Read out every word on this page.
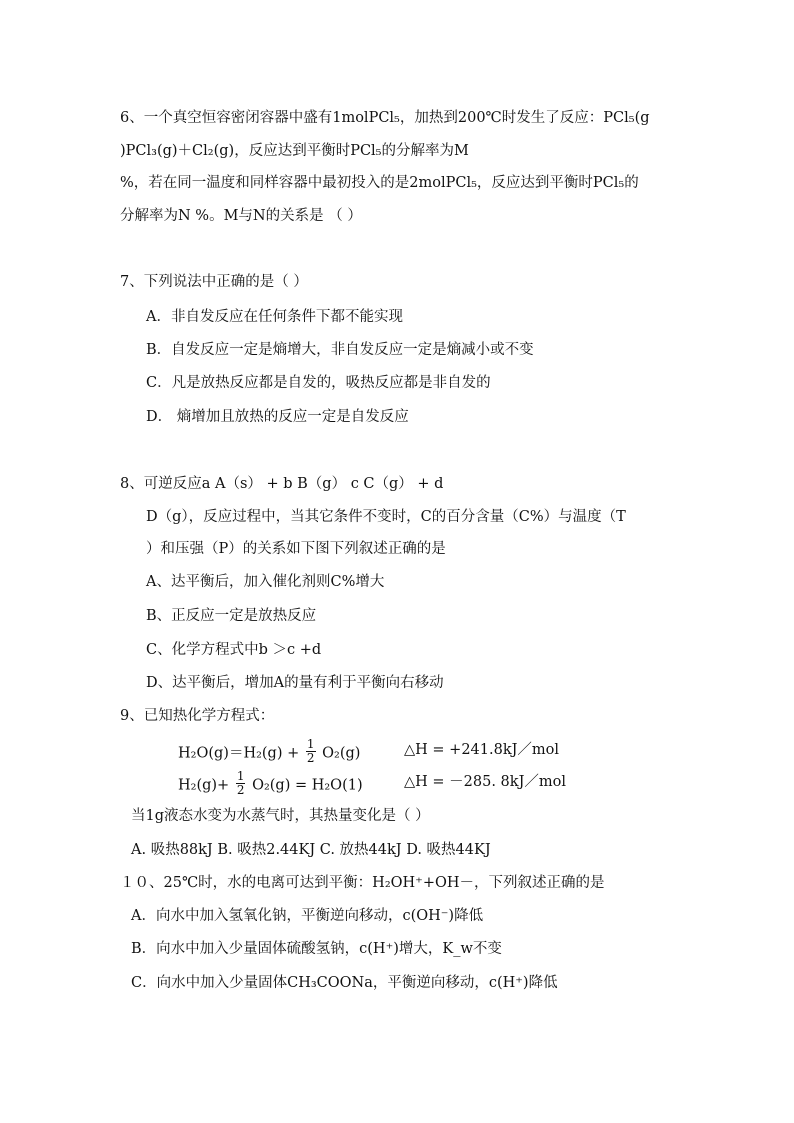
6、一个真空恒容密闭容器中盛有1molPCl₅，加热到200℃时发生了反应：PCl₅(g
)PCl₃(g)＋Cl₂(g)，反应达到平衡时PCl₅的分解率为M
%，若在同一温度和同样容器中最初投入的是2molPCl₅，反应达到平衡时PCl₅的
分解率为N %。M与N的关系是 （ ）
7、下列说法中正确的是（ ）
A．非自发反应在任何条件下都不能实现
B．自发反应一定是熵增大，非自发反应一定是熵减小或不变
C．凡是放热反应都是自发的，吸热反应都是非自发的
D． 熵增加且放热的反应一定是自发反应
8、可逆反应a A（s） + b B（g） c C（g） + d
D（g），反应过程中，当其它条件不变时，C的百分含量（C%）与温度（T
）和压强（P）的关系如下图下列叙述正确的是
A、达平衡后，加入催化剂则C%增大
B、正反应一定是放热反应
C、化学方程式中b ＞c +d
D、达平衡后，增加A的量有利于平衡向右移动
9、已知热化学方程式：
$H_2O(g)=H_2(g) + \frac{1}{2} O_2(g)$	△H = +241.8kJ／mol
$H_2(g)+ \frac{1}{2} O_2(g) = H_2O(1)$	△H = －285. 8kJ／mol
当1g液态水变为水蒸气时，其热量变化是（ ）
A. 吸热88kJ B. 吸热2.44KJ C. 放热44kJ D. 吸热44KJ
１０、25℃时，水的电离可达到平衡：H₂OH⁺+OH－，下列叙述正确的是
A．向水中加入氢氧化钠，平衡逆向移动，c(OH⁻)降低
B．向水中加入少量固体硫酸氢钠，c(H⁺)增大，K_w不变
C．向水中加入少量固体CH₃COONa，平衡逆向移动，c(H⁺)降低
